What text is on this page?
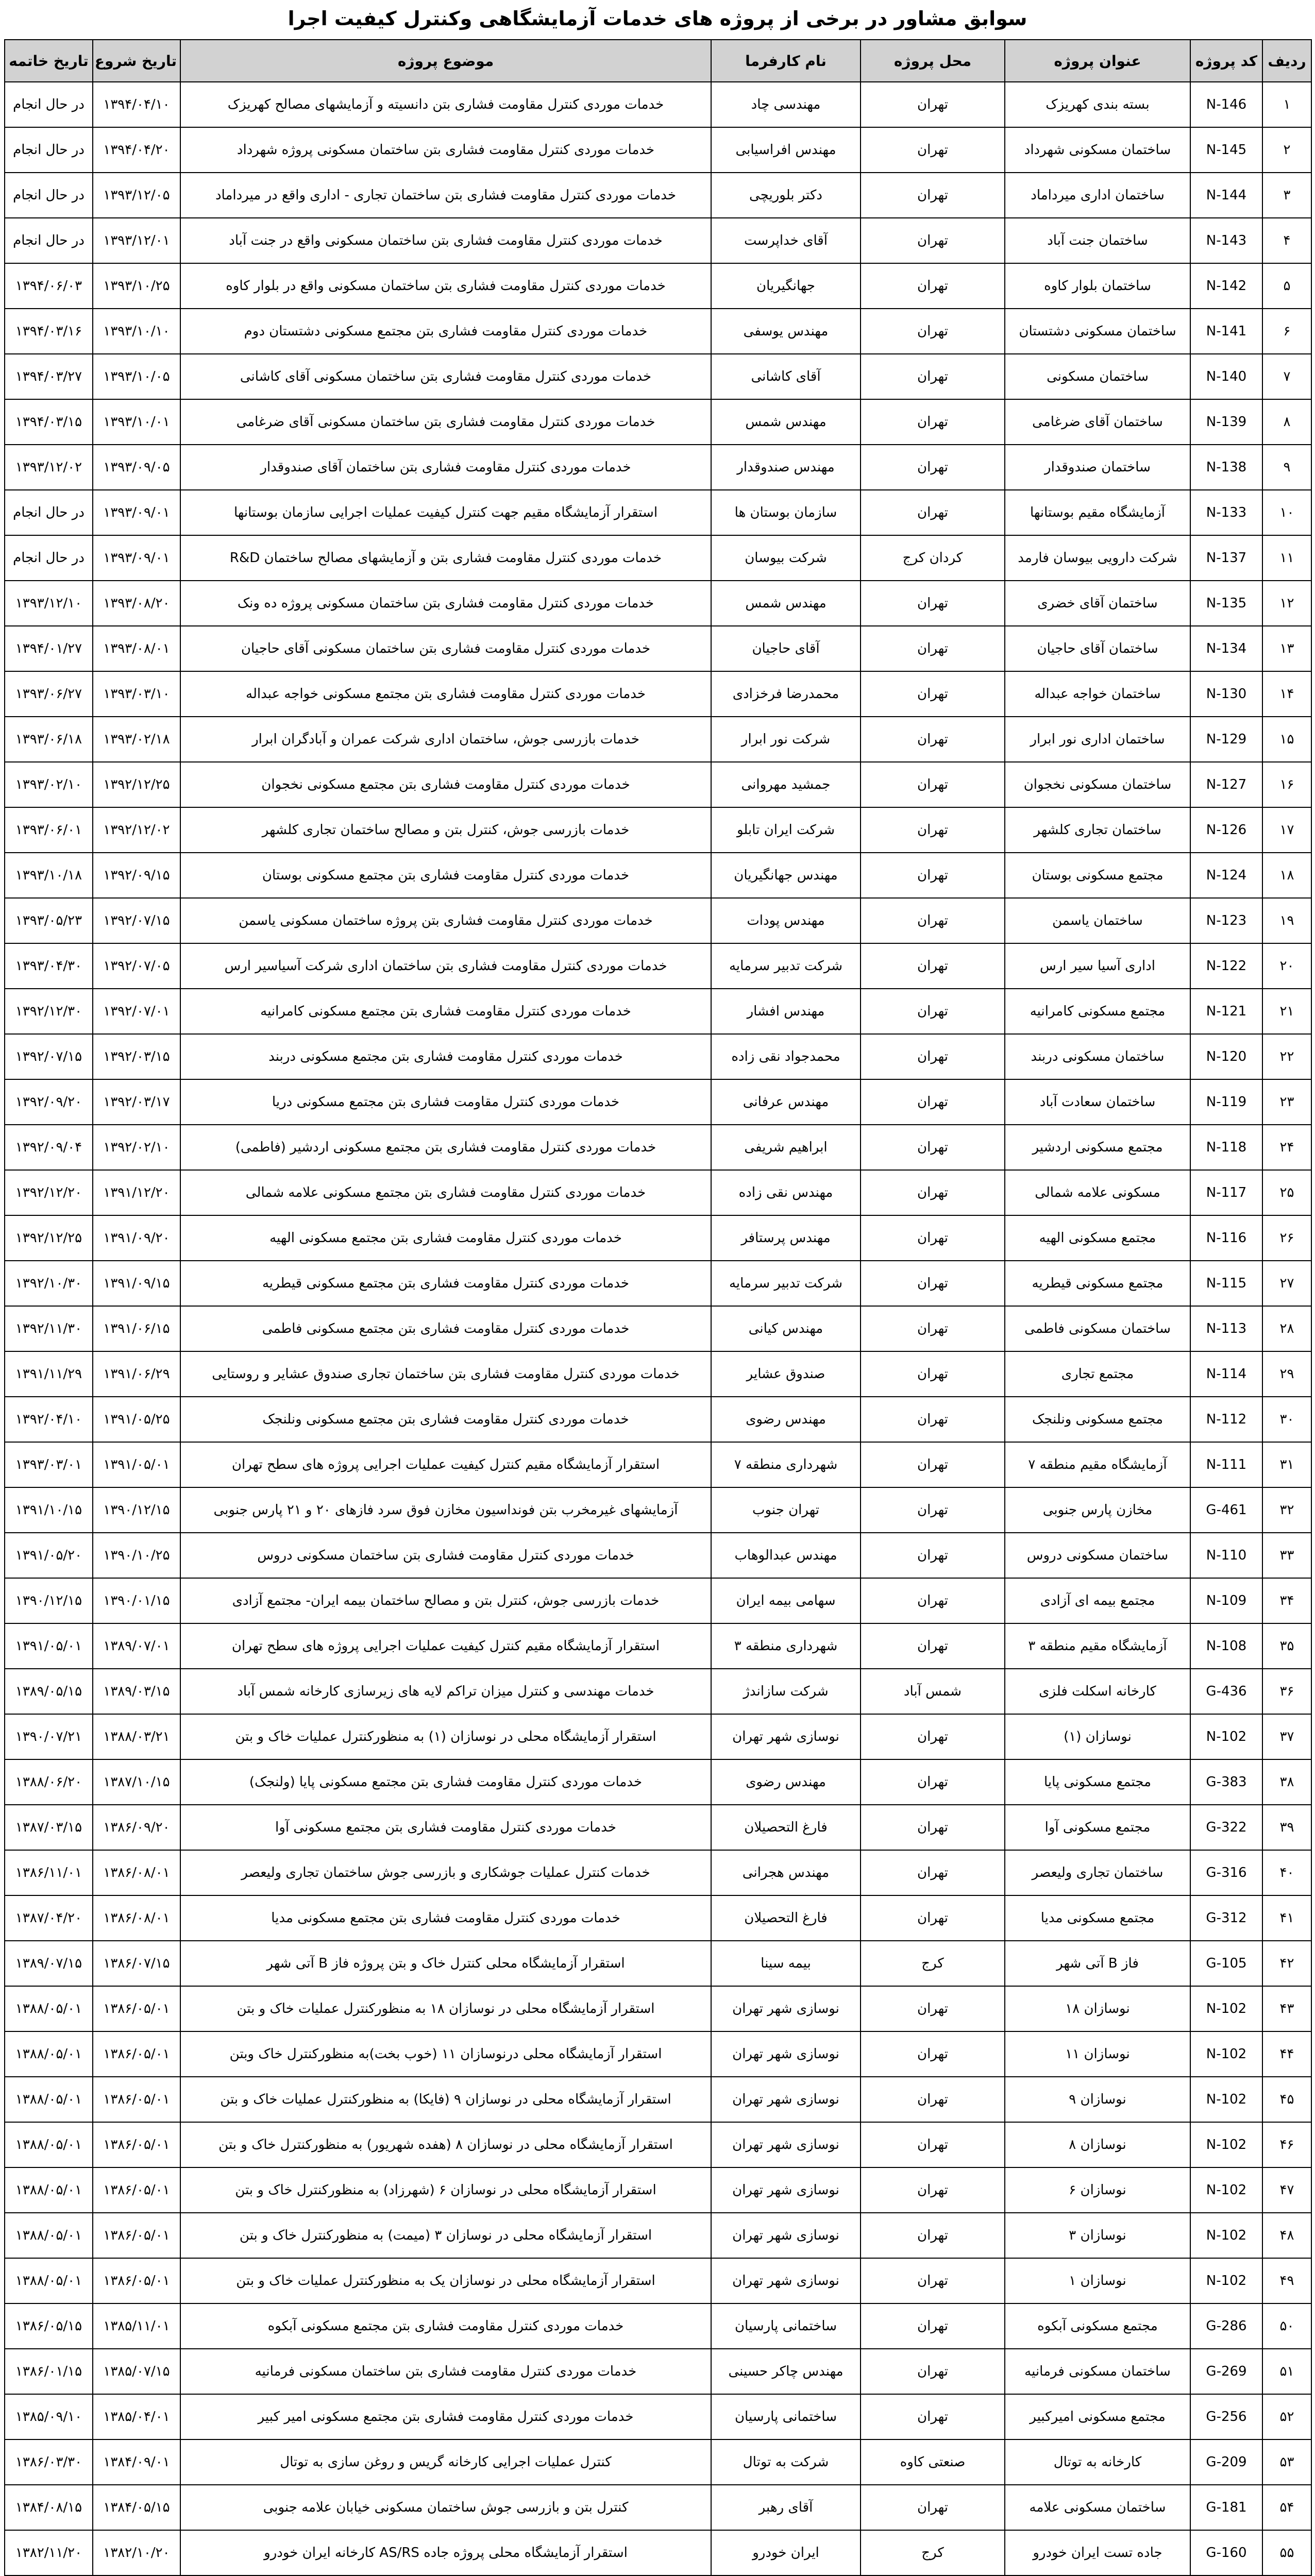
سوابق مشاور در برخی از پروژه های خدمات آزمایشگاهی وکنترل کیفیت اجرا
ردیف	کد پروژه	عنوان پروژه	محل پروژه	نام کارفرما	موضوع پروژه	تاریخ شروع	تاریخ خاتمه
۱	N-146	بسته بندی کهریزک	تهران	مهندسی چاد	خدمات موردی کنترل مقاومت فشاری بتن دانسیته و آزمایشهای مصالح کهریزک	۱۳۹۴/۰۴/۱۰	در حال انجام
۲	N-145	ساختمان مسکونی شهرداد	تهران	مهندس افراسیابی	خدمات موردی کنترل مقاومت فشاری بتن ساختمان مسکونی پروژه شهرداد	۱۳۹۴/۰۴/۲۰	در حال انجام
۳	N-144	ساختمان اداری میرداماد	تهران	دکتر بلوریچی	خدمات موردی کنترل مقاومت فشاری بتن ساختمان تجاری - اداری واقع در میرداماد	۱۳۹۳/۱۲/۰۵	در حال انجام
۴	N-143	ساختمان جنت آباد	تهران	آقای خداپرست	خدمات موردی کنترل مقاومت فشاری بتن ساختمان مسکونی واقع در جنت آباد	۱۳۹۳/۱۲/۰۱	در حال انجام
۵	N-142	ساختمان بلوار کاوه	تهران	جهانگیریان	خدمات موردی کنترل مقاومت فشاری بتن ساختمان مسکونی واقع در بلوار کاوه	۱۳۹۳/۱۰/۲۵	۱۳۹۴/۰۶/۰۳
۶	N-141	ساختمان مسکونی دشتستان	تهران	مهندس یوسفی	خدمات موردی کنترل مقاومت فشاری بتن مجتمع مسکونی دشتستان دوم	۱۳۹۳/۱۰/۱۰	۱۳۹۴/۰۳/۱۶
۷	N-140	ساختمان مسکونی	تهران	آقای کاشانی	خدمات موردی کنترل مقاومت فشاری بتن ساختمان مسکونی آقای کاشانی	۱۳۹۳/۱۰/۰۵	۱۳۹۴/۰۳/۲۷
۸	N-139	ساختمان آقای ضرغامی	تهران	مهندس شمس	خدمات موردی کنترل مقاومت فشاری بتن ساختمان مسکونی آقای ضرغامی	۱۳۹۳/۱۰/۰۱	۱۳۹۴/۰۳/۱۵
۹	N-138	ساختمان صندوقدار	تهران	مهندس صندوقدار	خدمات موردی کنترل مقاومت فشاری بتن ساختمان آقای صندوقدار	۱۳۹۳/۰۹/۰۵	۱۳۹۳/۱۲/۰۲
۱۰	N-133	آزمایشگاه مقیم بوستانها	تهران	سازمان بوستان ها	استقرار آزمایشگاه مقیم جهت کنترل کیفیت عملیات اجرایی سازمان بوستانها	۱۳۹۳/۰۹/۰۱	در حال انجام
۱۱	N-137	شرکت دارویی بیوسان فارمد	کردان کرج	شرکت بیوسان	خدمات موردی کنترل مقاومت فشاری بتن و آزمایشهای مصالح ساختمان R&D	۱۳۹۳/۰۹/۰۱	در حال انجام
۱۲	N-135	ساختمان آقای خضری	تهران	مهندس شمس	خدمات موردی کنترل مقاومت فشاری بتن ساختمان مسکونی پروژه ده ونک	۱۳۹۳/۰۸/۲۰	۱۳۹۳/۱۲/۱۰
۱۳	N-134	ساختمان آقای حاجیان	تهران	آقای حاجیان	خدمات موردی کنترل مقاومت فشاری بتن ساختمان مسکونی آقای حاجیان	۱۳۹۳/۰۸/۰۱	۱۳۹۴/۰۱/۲۷
۱۴	N-130	ساختمان خواجه عبداله	تهران	محمدرضا فرخزادی	خدمات موردی کنترل مقاومت فشاری بتن مجتمع مسکونی خواجه عبداله	۱۳۹۳/۰۳/۱۰	۱۳۹۳/۰۶/۲۷
۱۵	N-129	ساختمان اداری نور ابرار	تهران	شرکت نور ابرار	خدمات بازرسی جوش، ساختمان اداری شرکت عمران و آبادگران ابرار	۱۳۹۳/۰۲/۱۸	۱۳۹۳/۰۶/۱۸
۱۶	N-127	ساختمان مسکونی نخجوان	تهران	جمشید مهروانی	خدمات موردی کنترل مقاومت فشاری بتن مجتمع مسکونی نخجوان	۱۳۹۲/۱۲/۲۵	۱۳۹۳/۰۲/۱۰
۱۷	N-126	ساختمان تجاری کلشهر	تهران	شرکت ایران تابلو	خدمات بازرسی جوش، کنترل بتن و مصالح ساختمان تجاری کلشهر	۱۳۹۲/۱۲/۰۲	۱۳۹۳/۰۶/۰۱
۱۸	N-124	مجتمع مسکونی بوستان	تهران	مهندس جهانگیریان	خدمات موردی کنترل مقاومت فشاری بتن مجتمع مسکونی بوستان	۱۳۹۲/۰۹/۱۵	۱۳۹۳/۱۰/۱۸
۱۹	N-123	ساختمان یاسمن	تهران	مهندس پودات	خدمات موردی کنترل مقاومت فشاری بتن پروژه ساختمان مسکونی یاسمن	۱۳۹۲/۰۷/۱۵	۱۳۹۳/۰۵/۲۳
۲۰	N-122	اداری آسیا سیر ارس	تهران	شرکت تدبیر سرمایه	خدمات موردی کنترل مقاومت فشاری بتن ساختمان اداری شرکت آسیاسیر ارس	۱۳۹۲/۰۷/۰۵	۱۳۹۳/۰۴/۳۰
۲۱	N-121	مجتمع مسکونی کامرانیه	تهران	مهندس افشار	خدمات موردی کنترل مقاومت فشاری بتن مجتمع مسکونی کامرانیه	۱۳۹۲/۰۷/۰۱	۱۳۹۲/۱۲/۳۰
۲۲	N-120	ساختمان مسکونی دربند	تهران	محمدجواد نقی زاده	خدمات موردی کنترل مقاومت فشاری بتن مجتمع مسکونی دربند	۱۳۹۲/۰۳/۱۵	۱۳۹۲/۰۷/۱۵
۲۳	N-119	ساختمان سعادت آباد	تهران	مهندس عرفانی	خدمات موردی کنترل مقاومت فشاری بتن مجتمع مسکونی دریا	۱۳۹۲/۰۳/۱۷	۱۳۹۲/۰۹/۲۰
۲۴	N-118	مجتمع مسکونی اردشیر	تهران	ابراهیم شریفی	خدمات موردی کنترل مقاومت فشاری بتن مجتمع مسکونی اردشیر (فاطمی)	۱۳۹۲/۰۲/۱۰	۱۳۹۲/۰۹/۰۴
۲۵	N-117	مسکونی علامه شمالی	تهران	مهندس نقی زاده	خدمات موردی کنترل مقاومت فشاری بتن مجتمع مسکونی علامه شمالی	۱۳۹۱/۱۲/۲۰	۱۳۹۲/۱۲/۲۰
۲۶	N-116	مجتمع مسکونی الهیه	تهران	مهندس پرستافر	خدمات موردی کنترل مقاومت فشاری بتن مجتمع مسکونی الهیه	۱۳۹۱/۰۹/۲۰	۱۳۹۲/۱۲/۲۵
۲۷	N-115	مجتمع مسکونی قیطریه	تهران	شرکت تدبیر سرمایه	خدمات موردی کنترل مقاومت فشاری بتن مجتمع مسکونی قیطریه	۱۳۹۱/۰۹/۱۵	۱۳۹۲/۱۰/۳۰
۲۸	N-113	ساختمان مسکونی فاطمی	تهران	مهندس کیانی	خدمات موردی کنترل مقاومت فشاری بتن مجتمع مسکونی فاطمی	۱۳۹۱/۰۶/۱۵	۱۳۹۲/۱۱/۳۰
۲۹	N-114	مجتمع تجاری	تهران	صندوق عشایر	خدمات موردی کنترل مقاومت فشاری بتن ساختمان تجاری صندوق عشایر و روستایی	۱۳۹۱/۰۶/۲۹	۱۳۹۱/۱۱/۲۹
۳۰	N-112	مجتمع مسکونی ونلنجک	تهران	مهندس رضوی	خدمات موردی کنترل مقاومت فشاری بتن مجتمع مسکونی ونلنجک	۱۳۹۱/۰۵/۲۵	۱۳۹۲/۰۴/۱۰
۳۱	N-111	آزمایشگاه مقیم منطقه ۷	تهران	شهرداری منطقه ۷	استقرار آزمایشگاه مقیم کنترل کیفیت عملیات اجرایی پروژه های سطح تهران	۱۳۹۱/۰۵/۰۱	۱۳۹۳/۰۳/۰۱
۳۲	G-461	مخازن پارس جنوبی	تهران	تهران جنوب	آزمایشهای غیرمخرب بتن فونداسیون مخازن فوق سرد فازهای ۲۰ و ۲۱ پارس جنوبی	۱۳۹۰/۱۲/۱۵	۱۳۹۱/۱۰/۱۵
۳۳	N-110	ساختمان مسکونی دروس	تهران	مهندس عبدالوهاب	خدمات موردی کنترل مقاومت فشاری بتن ساختمان مسکونی دروس	۱۳۹۰/۱۰/۲۵	۱۳۹۱/۰۵/۲۰
۳۴	N-109	مجتمع بیمه ای آزادی	تهران	سهامی بیمه ایران	خدمات بازرسی جوش، کنترل بتن و مصالح ساختمان بیمه ایران- مجتمع آزادی	۱۳۹۰/۰۱/۱۵	۱۳۹۰/۱۲/۱۵
۳۵	N-108	آزمایشگاه مقیم منطقه ۳	تهران	شهرداری منطقه ۳	استقرار آزمایشگاه مقیم کنترل کیفیت عملیات اجرایی پروژه های سطح تهران	۱۳۸۹/۰۷/۰۱	۱۳۹۱/۰۵/۰۱
۳۶	G-436	کارخانه اسکلت فلزی	شمس آباد	شرکت سازاندژ	خدمات مهندسی و کنترل میزان تراکم لایه های زیرسازی کارخانه شمس آباد	۱۳۸۹/۰۳/۱۵	۱۳۸۹/۰۵/۱۵
۳۷	N-102	نوسازان (۱)	تهران	نوسازی شهر تهران	استقرار آزمایشگاه محلی در نوسازان (۱) به منظورکنترل عملیات خاک و بتن	۱۳۸۸/۰۳/۲۱	۱۳۹۰/۰۷/۲۱
۳۸	G-383	مجتمع مسکونی پایا	تهران	مهندس رضوی	خدمات موردی کنترل مقاومت فشاری بتن مجتمع مسکونی پایا (ولنجک)	۱۳۸۷/۱۰/۱۵	۱۳۸۸/۰۶/۲۰
۳۹	G-322	مجتمع مسکونی آوا	تهران	فارغ التحصیلان	خدمات موردی کنترل مقاومت فشاری بتن مجتمع مسکونی آوا	۱۳۸۶/۰۹/۲۰	۱۳۸۷/۰۳/۱۵
۴۰	G-316	ساختمان تجاری ولیعصر	تهران	مهندس هجرانی	خدمات کنترل عملیات جوشکاری و بازرسی جوش ساختمان تجاری ولیعصر	۱۳۸۶/۰۸/۰۱	۱۳۸۶/۱۱/۰۱
۴۱	G-312	مجتمع مسکونی مدیا	تهران	فارغ التحصیلان	خدمات موردی کنترل مقاومت فشاری بتن مجتمع مسکونی مدیا	۱۳۸۶/۰۸/۰۱	۱۳۸۷/۰۴/۲۰
۴۲	G-105	فاز B آتی شهر	کرج	بیمه سینا	استقرار آزمایشگاه محلی کنترل خاک و بتن پروژه فاز B آتی شهر	۱۳۸۶/۰۷/۱۵	۱۳۸۹/۰۷/۱۵
۴۳	N-102	نوسازان ۱۸	تهران	نوسازی شهر تهران	استقرار آزمایشگاه محلی در نوسازان ۱۸ به منظورکنترل عملیات خاک و بتن	۱۳۸۶/۰۵/۰۱	۱۳۸۸/۰۵/۰۱
۴۴	N-102	نوسازان ۱۱	تهران	نوسازی شهر تهران	استقرار آزمایشگاه محلی درنوسازان ۱۱ (خوب بخت)به منظورکنترل خاک وبتن	۱۳۸۶/۰۵/۰۱	۱۳۸۸/۰۵/۰۱
۴۵	N-102	نوسازان ۹	تهران	نوسازی شهر تهران	استقرار آزمایشگاه محلی در نوسازان ۹ (فایکا) به منظورکنترل عملیات خاک و بتن	۱۳۸۶/۰۵/۰۱	۱۳۸۸/۰۵/۰۱
۴۶	N-102	نوسازان ۸	تهران	نوسازی شهر تهران	استقرار آزمایشگاه محلی در نوسازان ۸ (هفده شهریور) به منظورکنترل خاک و بتن	۱۳۸۶/۰۵/۰۱	۱۳۸۸/۰۵/۰۱
۴۷	N-102	نوسازان ۶	تهران	نوسازی شهر تهران	استقرار آزمایشگاه محلی در نوسازان ۶ (شهرزاد) به منظورکنترل خاک و بتن	۱۳۸۶/۰۵/۰۱	۱۳۸۸/۰۵/۰۱
۴۸	N-102	نوسازان ۳	تهران	نوسازی شهر تهران	استقرار آزمایشگاه محلی در نوسازان ۳ (میمت) به منظورکنترل خاک و بتن	۱۳۸۶/۰۵/۰۱	۱۳۸۸/۰۵/۰۱
۴۹	N-102	نوسازان ۱	تهران	نوسازی شهر تهران	استقرار آزمایشگاه محلی در نوسازان یک به منظورکنترل عملیات خاک و بتن	۱۳۸۶/۰۵/۰۱	۱۳۸۸/۰۵/۰۱
۵۰	G-286	مجتمع مسکونی آبکوه	تهران	ساختمانی پارسیان	خدمات موردی کنترل مقاومت فشاری بتن مجتمع مسکونی آبکوه	۱۳۸۵/۱۱/۰۱	۱۳۸۶/۰۵/۱۵
۵۱	G-269	ساختمان مسکونی فرمانیه	تهران	مهندس چاکر حسینی	خدمات موردی کنترل مقاومت فشاری بتن ساختمان مسکونی فرمانیه	۱۳۸۵/۰۷/۱۵	۱۳۸۶/۰۱/۱۵
۵۲	G-256	مجتمع مسکونی امیرکبیر	تهران	ساختمانی پارسیان	خدمات موردی کنترل مقاومت فشاری بتن مجتمع مسکونی امیر کبیر	۱۳۸۵/۰۴/۰۱	۱۳۸۵/۰۹/۱۰
۵۳	G-209	کارخانه به توتال	صنعتی کاوه	شرکت به توتال	کنترل عملیات اجرایی کارخانه گریس و روغن سازی به توتال	۱۳۸۴/۰۹/۰۱	۱۳۸۶/۰۳/۳۰
۵۴	G-181	ساختمان مسکونی علامه	تهران	آقای رهبر	کنترل بتن و بازرسی جوش ساختمان مسکونی خیابان علامه جنوبی	۱۳۸۴/۰۵/۱۵	۱۳۸۴/۰۸/۱۵
۵۵	G-160	جاده تست ایران خودرو	کرج	ایران خودرو	استقرار آزمایشگاه محلی پروژه جاده AS/RS کارخانه ایران خودرو	۱۳۸۲/۱۰/۲۰	۱۳۸۲/۱۱/۲۰
